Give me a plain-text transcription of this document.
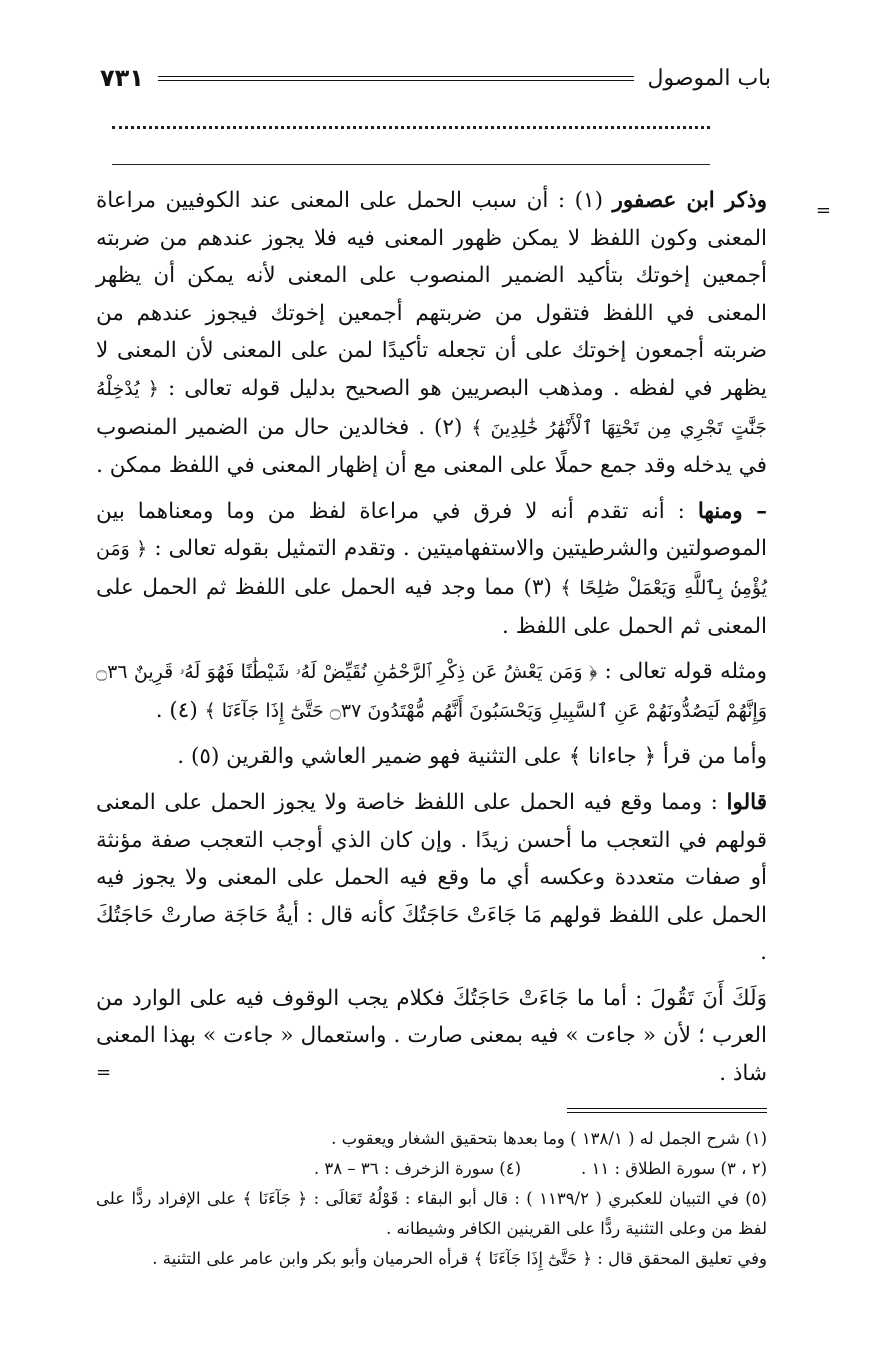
باب الموصول
٧٣١
=

وذكر ابن عصفور (١) : أن سبب الحمل على المعنى عند الكوفيين مراعاة المعنى وكون اللفظ لا يمكن ظهور المعنى فيه فلا يجوز عندهم من ضربته أجمعين إخوتك بتأكيد الضمير المنصوب على المعنى لأنه يمكن أن يظهر المعنى في اللفظ فتقول من ضربتهم أجمعين إخوتك فيجوز عندهم من ضربته أجمعون إخوتك على أن تجعله تأكيدًا لمن على المعنى لأن المعنى لا يظهر في لفظه . ومذهب البصريين هو الصحيح بدليل قوله تعالى : ﴿ يُدْخِلْهُ جَنَّٰتٍ تَجْرِي مِن تَحْتِهَا ٱلْأَنْهَٰرُ خَٰلِدِينَ ﴾ (٢) . فخالدين حال من الضمير المنصوب في يدخله وقد جمع حملًا على المعنى مع أن إظهار المعنى في اللفظ ممكن .

– ومنها : أنه تقدم أنه لا فرق في مراعاة لفظ من وما ومعناهما بين الموصولتين والشرطيتين والاستفهاميتين . وتقدم التمثيل بقوله تعالى : ﴿ وَمَن يُؤْمِنۢ بِٱللَّهِ وَيَعْمَلْ صَٰلِحًا ﴾ (٣) مما وجد فيه الحمل على اللفظ ثم الحمل على المعنى ثم الحمل على اللفظ .

ومثله قوله تعالى : ﴿ وَمَن يَعْشُ عَن ذِكْرِ ٱلرَّحْمَٰنِ نُقَيِّضْ لَهُۥ شَيْطَٰنًا فَهُوَ لَهُۥ قَرِينٌ ۝٣٦ وَإِنَّهُمْ لَيَصُدُّونَهُمْ عَنِ ٱلسَّبِيلِ وَيَحْسَبُونَ أَنَّهُم مُّهْتَدُونَ ۝٣٧ حَتَّىٰٓ إِذَا جَآءَنَا ﴾ (٤) .

وأما من قرأ ﴿ جاءانا ﴾ على التثنية فهو ضمير العاشي والقرين (٥) .

قالوا : ومما وقع فيه الحمل على اللفظ خاصة ولا يجوز الحمل على المعنى قولهم في التعجب ما أحسن زيدًا . وإن كان الذي أوجب التعجب صفة مؤنثة أو صفات متعددة وعكسه أي ما وقع فيه الحمل على المعنى ولا يجوز فيه الحمل على اللفظ قولهم مَا جَاءَتْ حَاجَتُكَ كأنه قال : أيةُ حَاجَة صارتْ حَاجَتُكَ .

وَلَكَ أَنَ تَقُولَ : أما ما جَاءَتْ حَاجَتُكَ فكلام يجب الوقوف فيه على الوارد من العرب ؛ لأن « جاءت » فيه بمعنى صارت . واستعمال « جاءت » بهذا المعنى شاذ .

=

(١) شرح الجمل له ( ١٣٨/١ ) وما بعدها بتحقيق الشغار ويعقوب .

(٢ ، ٣) سورة الطلاق : ١١ .
(٤) سورة الزخرف : ٣٦ – ٣٨ .

(٥) في التبيان للعكبري ( ١١٣٩/٢ ) : قال أبو البقاء : قَوْلُهُ تَعَالَى : ﴿ جَآءَنَا ﴾ على الإفراد ردًّا على لفظ من وعلى التثنية ردًّا على القرينين الكافر وشيطانه .

وفي تعليق المحقق قال : ﴿ حَتَّىٰٓ إِذَا جَآءَنَا ﴾ قرأه الحرميان وأبو بكر وابن عامر على التثنية .
